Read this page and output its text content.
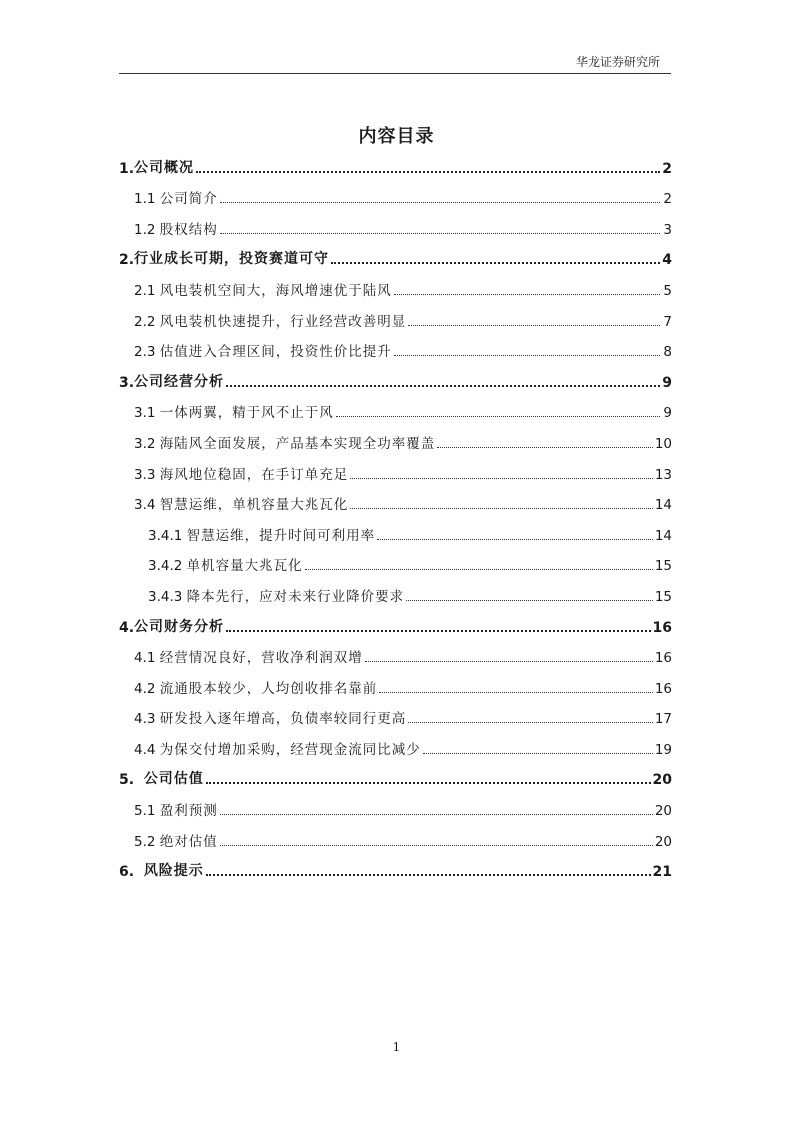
华龙证券研究所
内容目录
1. 公司概况	2
1.1 公司简介	2
1.2 股权结构	3
2. 行业成长可期，投资赛道可守	4
2.1 风电装机空间大，海风增速优于陆风	5
2.2 风电装机快速提升，行业经营改善明显	7
2.3 估值进入合理区间，投资性价比提升	8
3. 公司经营分析	9
3.1 一体两翼，精于风不止于风	9
3.2 海陆风全面发展，产品基本实现全功率覆盖	10
3.3 海风地位稳固，在手订单充足	13
3.4 智慧运维，单机容量大兆瓦化	14
3.4.1 智慧运维，提升时间可利用率	14
3.4.2 单机容量大兆瓦化	15
3.4.3 降本先行，应对未来行业降价要求	15
4. 公司财务分析	16
4.1 经营情况良好，营收净利润双增	16
4.2 流通股本较少，人均创收排名靠前	16
4.3 研发投入逐年增高，负债率较同行更高	17
4.4 为保交付增加采购，经营现金流同比减少	19
5. 公司估值	20
5.1 盈利预测	20
5.2 绝对估值	20
6. 风险提示	21
1
